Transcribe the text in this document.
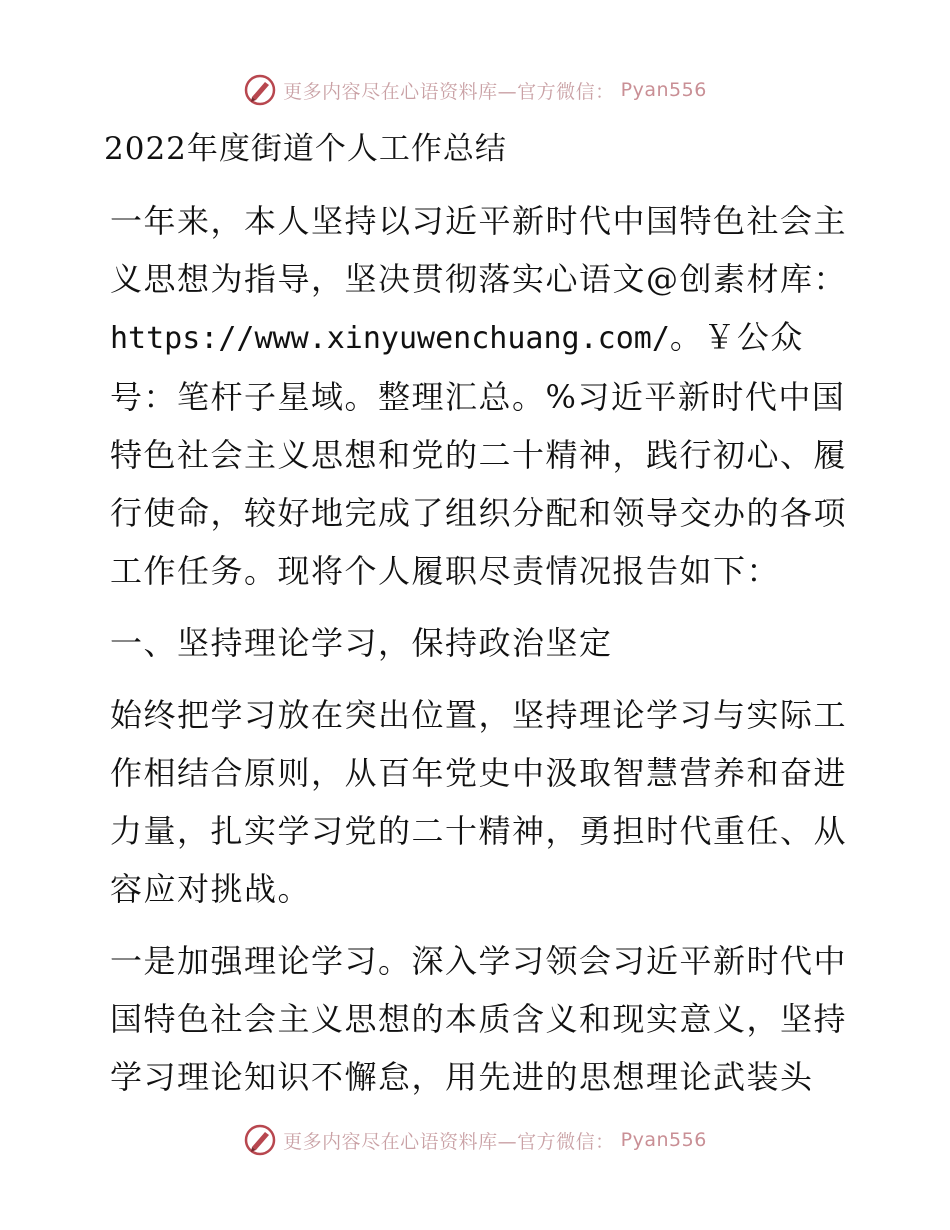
更多内容尽在心语资料库—官方微信： Pyan556

2022年度街道个人工作总结

一年来，本人坚持以习近平新时代中国特色社会主义思想为指导，坚决贯彻落实心语文@创素材库：https://www.xinyuwenchuang.com/。￥公众号：笔杆子星域。整理汇总。%习近平新时代中国特色社会主义思想和党的二十精神，践行初心、履行使命，较好地完成了组织分配和领导交办的各项工作任务。现将个人履职尽责情况报告如下：

一、坚持理论学习，保持政治坚定

始终把学习放在突出位置，坚持理论学习与实际工作相结合原则，从百年党史中汲取智慧营养和奋进力量，扎实学习党的二十精神，勇担时代重任、从容应对挑战。

一是加强理论学习。深入学习领会习近平新时代中国特色社会主义思想的本质含义和现实意义，坚持学习理论知识不懈怠，用先进的思想理论武装头

更多内容尽在心语资料库—官方微信： Pyan556
